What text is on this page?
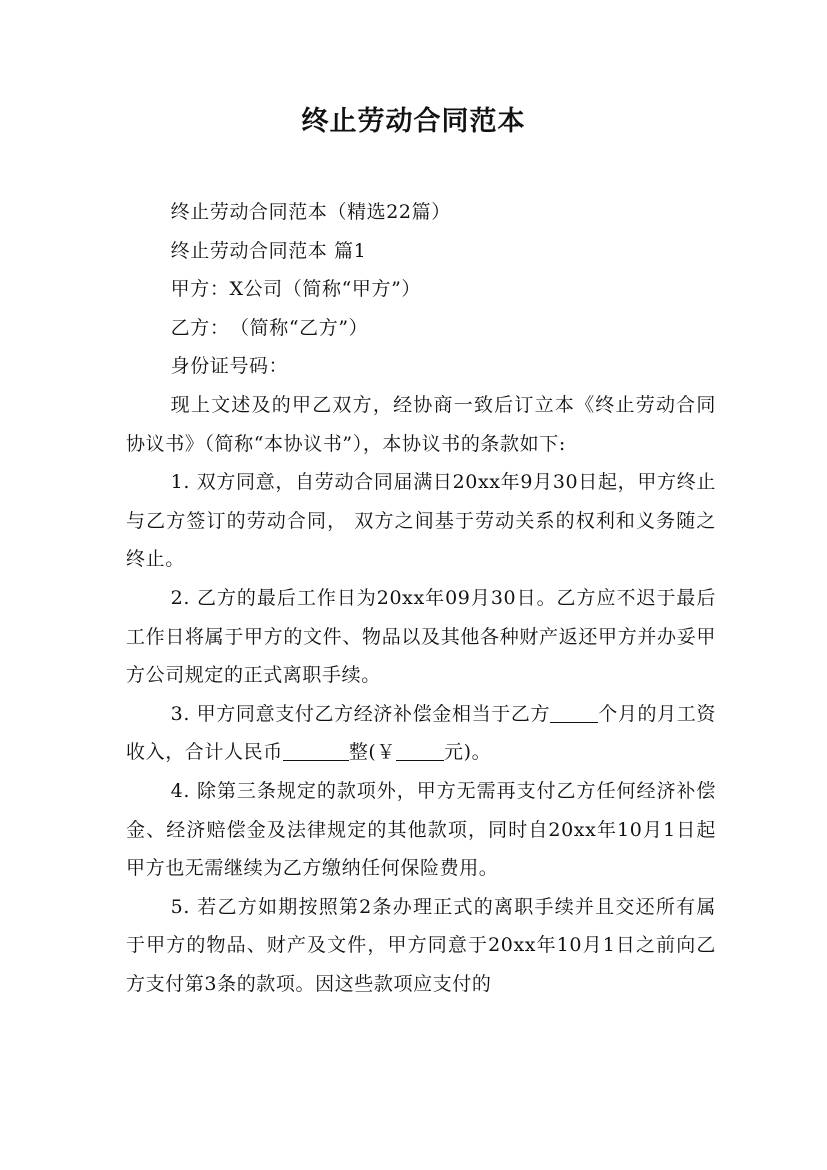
终止劳动合同范本

终止劳动合同范本（精选22篇）

终止劳动合同范本 篇1

甲方：X公司（简称“甲方”）

乙方：　（简称“乙方”）

身份证号码：

现上文述及的甲乙双方，经协商一致后订立本《终止劳动合同协议书》（简称“本协议书”），本协议书的条款如下:

1. 双方同意，自劳动合同届满日20xx年9月30日起，甲方终止与乙方签订的劳动合同， 双方之间基于劳动关系的权利和义务随之终止。

2. 乙方的最后工作日为20xx年09月30日。乙方应不迟于最后工作日将属于甲方的文件、物品以及其他各种财产返还甲方并办妥甲方公司规定的正式离职手续。

3. 甲方同意支付乙方经济补偿金相当于乙方	个月的月工资收入，合计人民币	整(￥	元)。

4. 除第三条规定的款项外，甲方无需再支付乙方任何经济补偿金、经济赔偿金及法律规定的其他款项，同时自20xx年10月1日起甲方也无需继续为乙方缴纳任何保险费用。

5. 若乙方如期按照第2条办理正式的离职手续并且交还所有属于甲方的物品、财产及文件，甲方同意于20xx年10月1日之前向乙方支付第3条的款项。因这些款项应支付的
